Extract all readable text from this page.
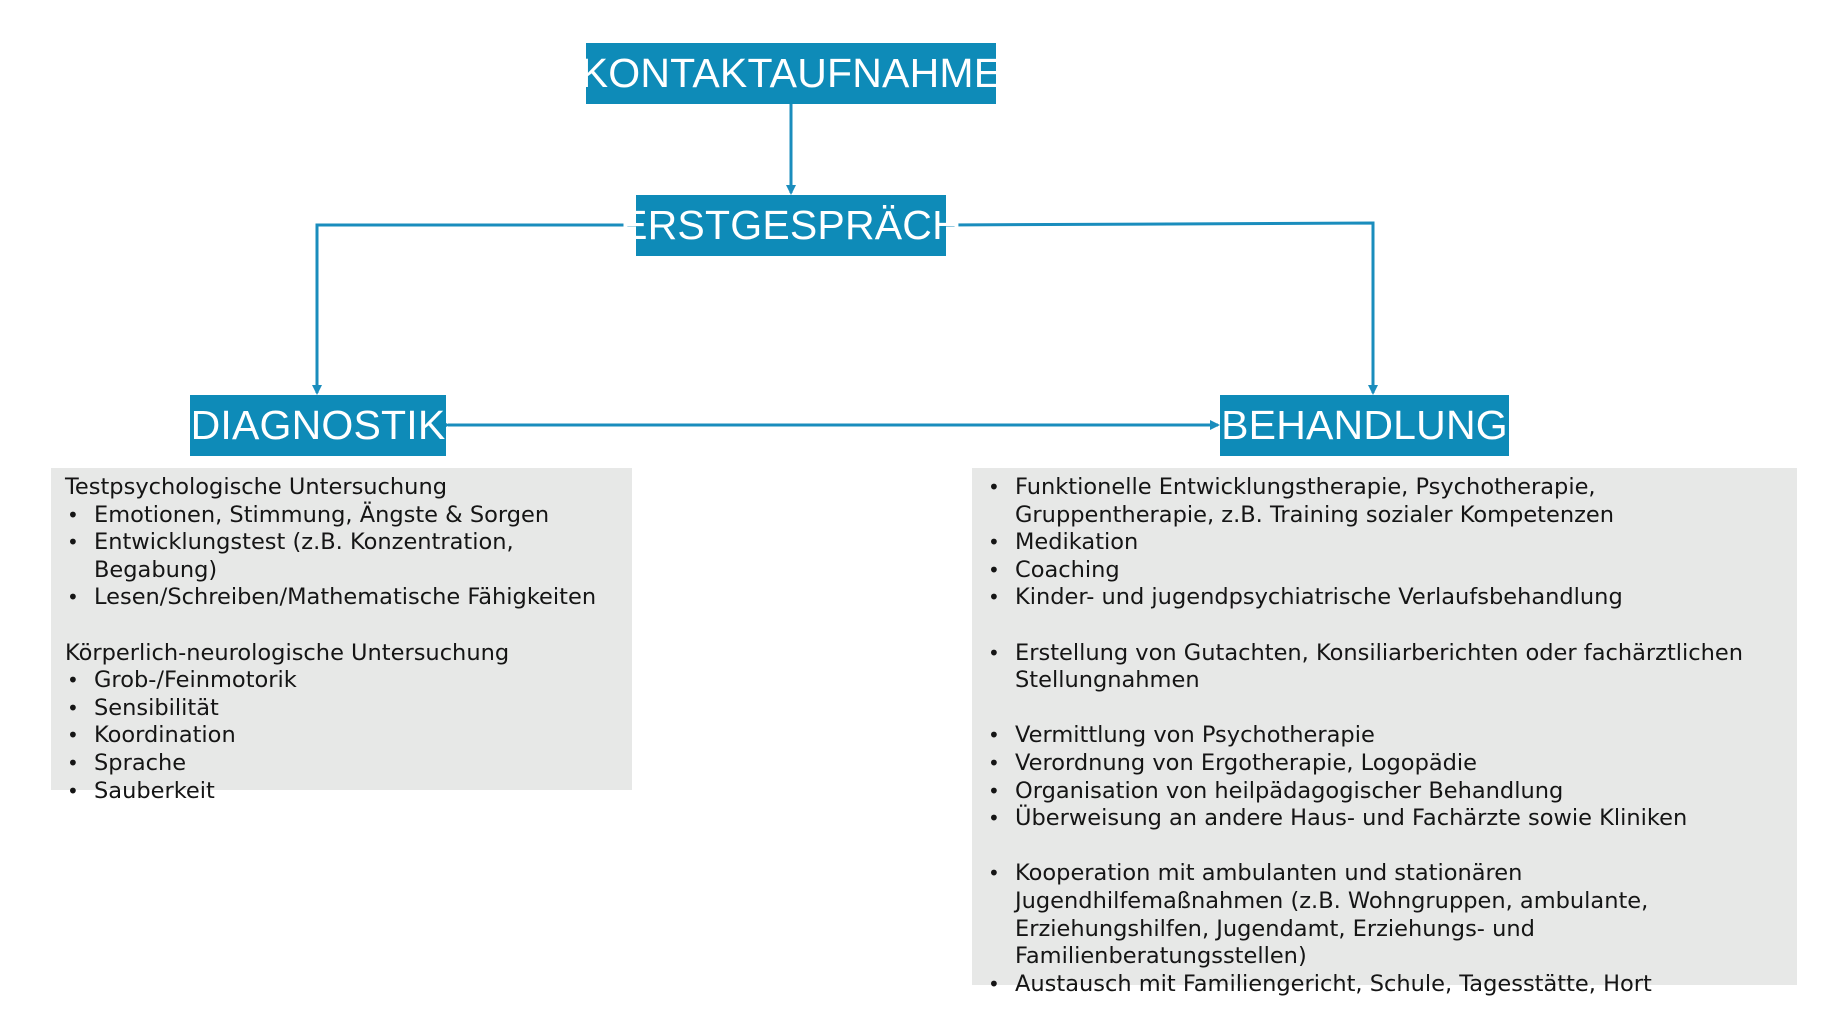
KONTAKTAUFNAHME
ERSTGESPRÄCH
DIAGNOSTIK	BEHANDLUNG

Testpsychologische Untersuchung

• Emotionen, Stimmung, Ängste & Sorgen
• Entwicklungstest (z.B. Konzentration, Begabung)
• Lesen/Schreiben/Mathematische Fähigkeiten

Körperlich-neurologische Untersuchung

• Grob-/Feinmotorik
• Sensibilität
• Koordination
• Sprache
• Sauberkeit
• Funktionelle Entwicklungstherapie, Psychotherapie, Gruppentherapie, z.B. Training sozialer Kompetenzen
• Medikation
• Coaching
• Kinder- und jugendpsychiatrische Verlaufsbehandlung
• Erstellung von Gutachten, Konsiliarberichten oder fachärztlichen Stellungnahmen
• Vermittlung von Psychotherapie
• Verordnung von Ergotherapie, Logopädie
• Organisation von heilpädagogischer Behandlung
• Überweisung an andere Haus- und Fachärzte sowie Kliniken
• Kooperation mit ambulanten und stationären Jugendhilfemaßnahmen (z.B. Wohngruppen, ambulante, Erziehungshilfen, Jugendamt, Erziehungs- und Familienberatungsstellen)
• Austausch mit Familiengericht, Schule, Tagesstätte, Hort
